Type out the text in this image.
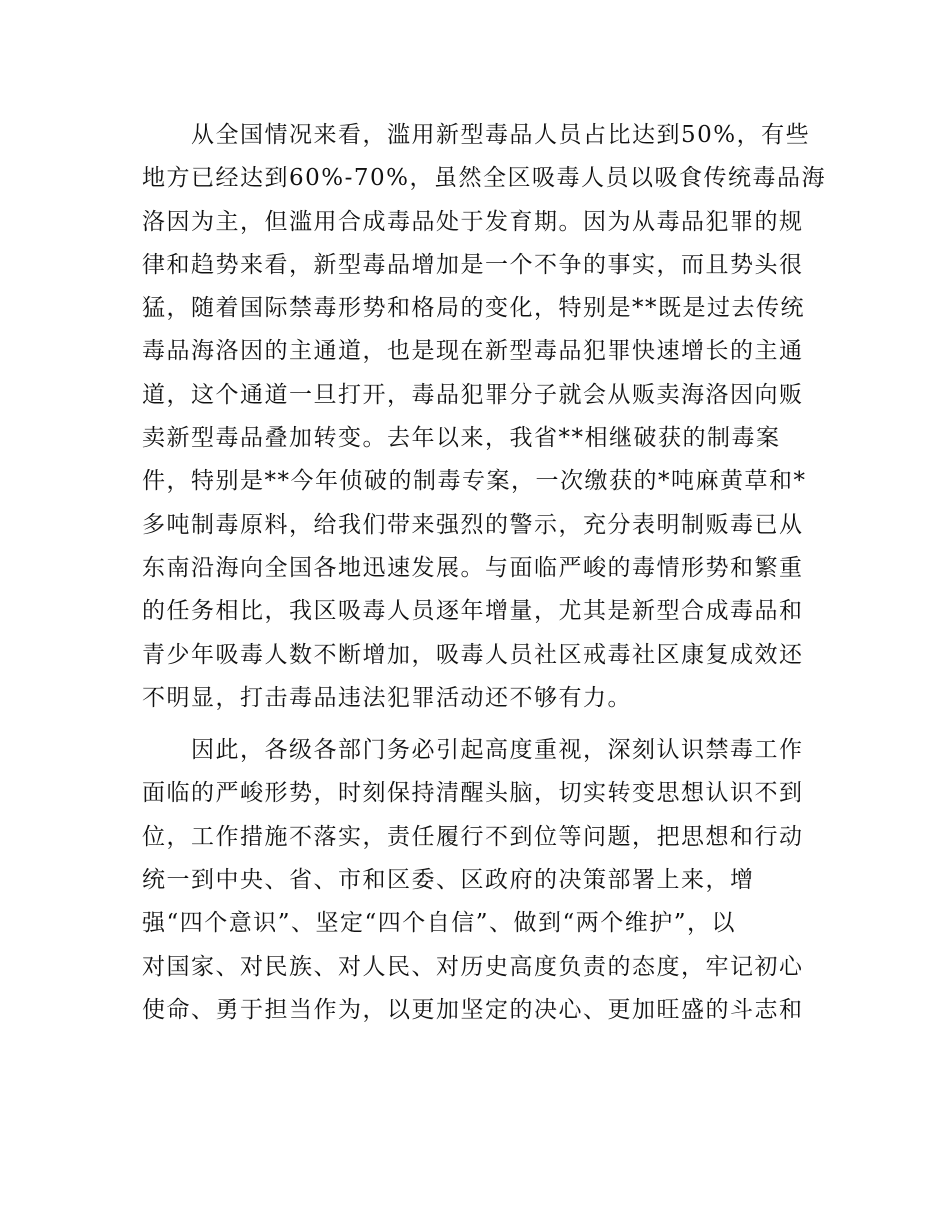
　　从全国情况来看，滥用新型毒品人员占比达到50%，有些
地方已经达到60%-70%，虽然全区吸毒人员以吸食传统毒品海
洛因为主，但滥用合成毒品处于发育期。因为从毒品犯罪的规
律和趋势来看，新型毒品增加是一个不争的事实，而且势头很
猛，随着国际禁毒形势和格局的变化，特别是**既是过去传统
毒品海洛因的主通道，也是现在新型毒品犯罪快速增长的主通
道，这个通道一旦打开，毒品犯罪分子就会从贩卖海洛因向贩
卖新型毒品叠加转变。去年以来，我省**相继破获的制毒案
件，特别是**今年侦破的制毒专案，一次缴获的*吨麻黄草和*
多吨制毒原料，给我们带来强烈的警示，充分表明制贩毒已从
东南沿海向全国各地迅速发展。与面临严峻的毒情形势和繁重
的任务相比，我区吸毒人员逐年增量，尤其是新型合成毒品和
青少年吸毒人数不断增加，吸毒人员社区戒毒社区康复成效还
不明显，打击毒品违法犯罪活动还不够有力。
　　因此，各级各部门务必引起高度重视，深刻认识禁毒工作
面临的严峻形势，时刻保持清醒头脑，切实转变思想认识不到
位，工作措施不落实，责任履行不到位等问题，把思想和行动
统一到中央、省、市和区委、区政府的决策部署上来，增
强“四个意识”、坚定“四个自信”、做到“两个维护”，以
对国家、对民族、对人民、对历史高度负责的态度，牢记初心
使命、勇于担当作为，以更加坚定的决心、更加旺盛的斗志和
